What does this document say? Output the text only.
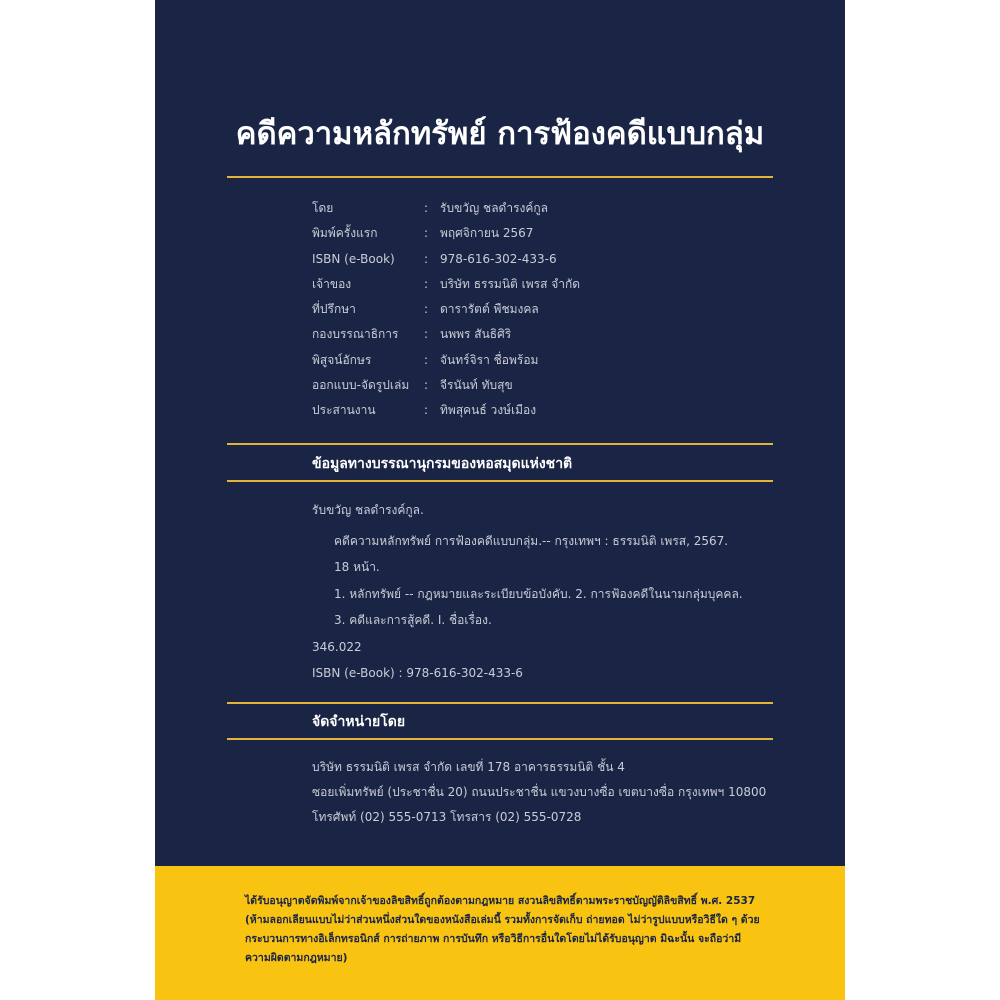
คดีความหลักทรัพย์ การฟ้องคดีแบบกลุ่ม
โดย	: รับขวัญ ชลดำรงค์กูล
พิมพ์ครั้งแรก	: พฤศจิกายน 2567
ISBN (e-Book)	: 978-616-302-433-6
เจ้าของ	: บริษัท ธรรมนิติ เพรส จำกัด
ที่ปรึกษา	: ดารารัตต์ พืชมงคล
กองบรรณาธิการ	: นพพร สันธิศิริ
พิสูจน์อักษร	: จันทร์จิรา ชื่อพร้อม
ออกแบบ-จัดรูปเล่ม	: จีรนันท์ ทับสุข
ประสานงาน	: ทิพสุคนธ์ วงษ์เมือง
ข้อมูลทางบรรณานุกรมของหอสมุดแห่งชาติ
รับขวัญ ชลดำรงค์กูล.
คดีความหลักทรัพย์ การฟ้องคดีแบบกลุ่ม.-- กรุงเทพฯ : ธรรมนิติ เพรส, 2567.
18 หน้า.
1. หลักทรัพย์ -- กฎหมายและระเบียบข้อบังคับ. 2. การฟ้องคดีในนามกลุ่มบุคคล.
3. คดีและการสู้คดี. I. ชื่อเรื่อง.
346.022
ISBN (e-Book) : 978-616-302-433-6
จัดจำหน่ายโดย
บริษัท ธรรมนิติ เพรส จำกัด เลขที่ 178 อาคารธรรมนิติ ชั้น 4
ซอยเพิ่มทรัพย์ (ประชาชื่น 20) ถนนประชาชื่น แขวงบางซื่อ เขตบางซื่อ กรุงเทพฯ 10800
โทรศัพท์ (02) 555-0713 โทรสาร (02) 555-0728
ได้รับอนุญาตจัดพิมพ์จากเจ้าของลิขสิทธิ์ถูกต้องตามกฎหมาย สงวนลิขสิทธิ์ตามพระราชบัญญัติลิขสิทธิ์ พ.ศ. 2537 (ห้ามลอกเลียนแบบไม่ว่าส่วนหนึ่งส่วนใดของหนังสือเล่มนี้ รวมทั้งการจัดเก็บ ถ่ายทอด ไม่ว่ารูปแบบหรือวิธีใด ๆ ด้วยกระบวนการทางอิเล็กทรอนิกส์ การถ่ายภาพ การบันทึก หรือวิธีการอื่นใดโดยไม่ได้รับอนุญาต มิฉะนั้น จะถือว่ามีความผิดตามกฎหมาย)
